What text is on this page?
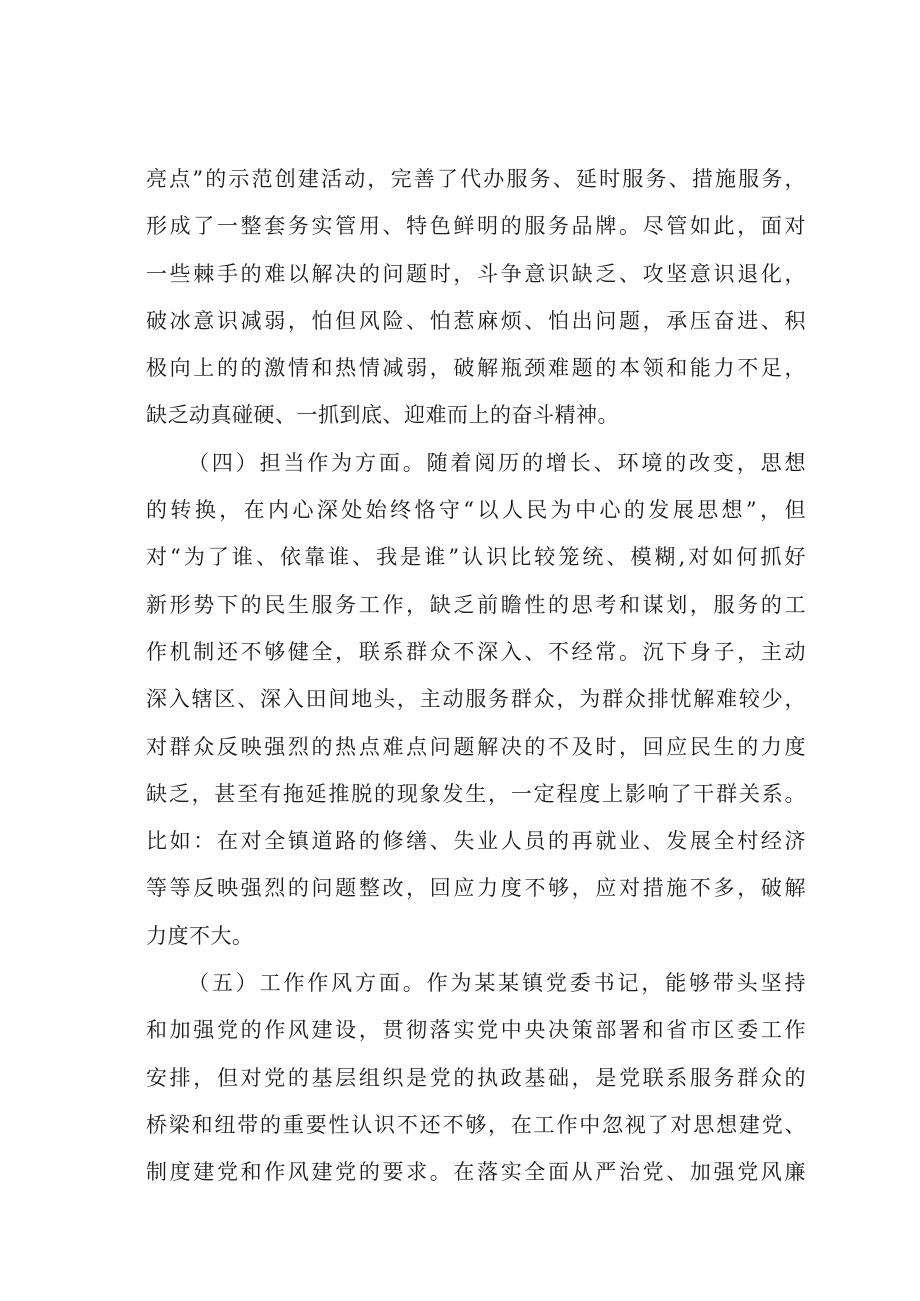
亮点”的示范创建活动，完善了代办服务、延时服务、措施服务，
形成了一整套务实管用、特色鲜明的服务品牌。尽管如此，面对
一些棘手的难以解决的问题时，斗争意识缺乏、攻坚意识退化，
破冰意识减弱，怕但风险、怕惹麻烦、怕出问题，承压奋进、积
极向上的的激情和热情减弱，破解瓶颈难题的本领和能力不足，
缺乏动真碰硬、一抓到底、迎难而上的奋斗精神。
（四）担当作为方面。随着阅历的增长、环境的改变，思想
的转换，在内心深处始终恪守“以人民为中心的发展思想”，但
对“为了谁、依靠谁、我是谁”认识比较笼统、模糊,对如何抓好
新形势下的民生服务工作，缺乏前瞻性的思考和谋划，服务的工
作机制还不够健全，联系群众不深入、不经常。沉下身子，主动
深入辖区、深入田间地头，主动服务群众，为群众排忧解难较少，
对群众反映强烈的热点难点问题解决的不及时，回应民生的力度
缺乏，甚至有拖延推脱的现象发生，一定程度上影响了干群关系。
比如：在对全镇道路的修缮、失业人员的再就业、发展全村经济
等等反映强烈的问题整改，回应力度不够，应对措施不多，破解
力度不大。
（五）工作作风方面。作为某某镇党委书记，能够带头坚持
和加强党的作风建设，贯彻落实党中央决策部署和省市区委工作
安排，但对党的基层组织是党的执政基础，是党联系服务群众的
桥梁和纽带的重要性认识不还不够，在工作中忽视了对思想建党、
制度建党和作风建党的要求。在落实全面从严治党、加强党风廉
